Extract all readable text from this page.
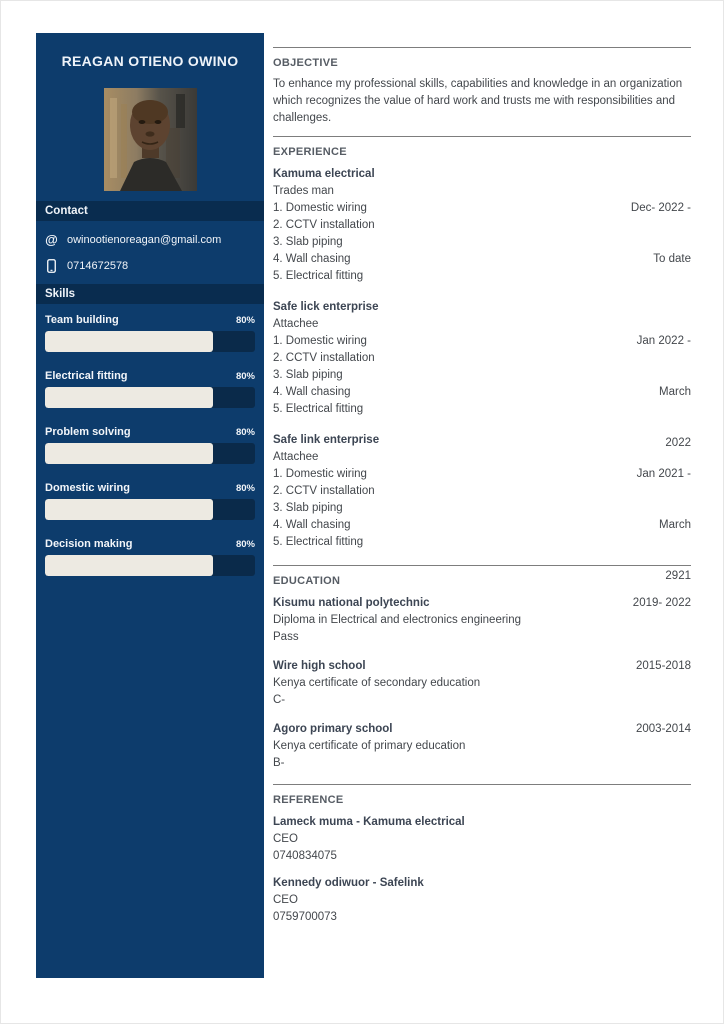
REAGAN OTIENO OWINO
Contact
@ owinootienoreagan@gmail.com
0714672578
Skills
Team building	80%
Electrical fitting	80%
Problem solving	80%
Domestic wiring	80%
Decision making	80%
OBJECTIVE

To enhance my professional skills, capabilities and knowledge in an organization which recognizes the value of hard work and trusts me with responsibilities and challenges.

EXPERIENCE

Dec- 2022 -

To date

Kamuma electrical
Trades man
1. Domestic wiring
2. CCTV installation
3. Slab piping
4. Wall chasing
5. Electrical fitting

Jan 2022 -

March

2022

Safe lick enterprise
Attachee
1. Domestic wiring
2. CCTV installation
3. Slab piping
4. Wall chasing
5. Electrical fitting

Jan 2021 -

March

2921

Safe link enterprise
Attachee
1. Domestic wiring
2. CCTV installation
3. Slab piping
4. Wall chasing
5. Electrical fitting
EDUCATION
2019- 2022
Kisumu national polytechnic
Diploma in Electrical and electronics engineering
Pass
2015-2018
Wire high school
Kenya certificate of secondary education
C-
2003-2014
Agoro primary school
Kenya certificate of primary education
B-
REFERENCE
Lameck muma - Kamuma electrical
CEO
0740834075
Kennedy odiwuor - Safelink
CEO
0759700073
